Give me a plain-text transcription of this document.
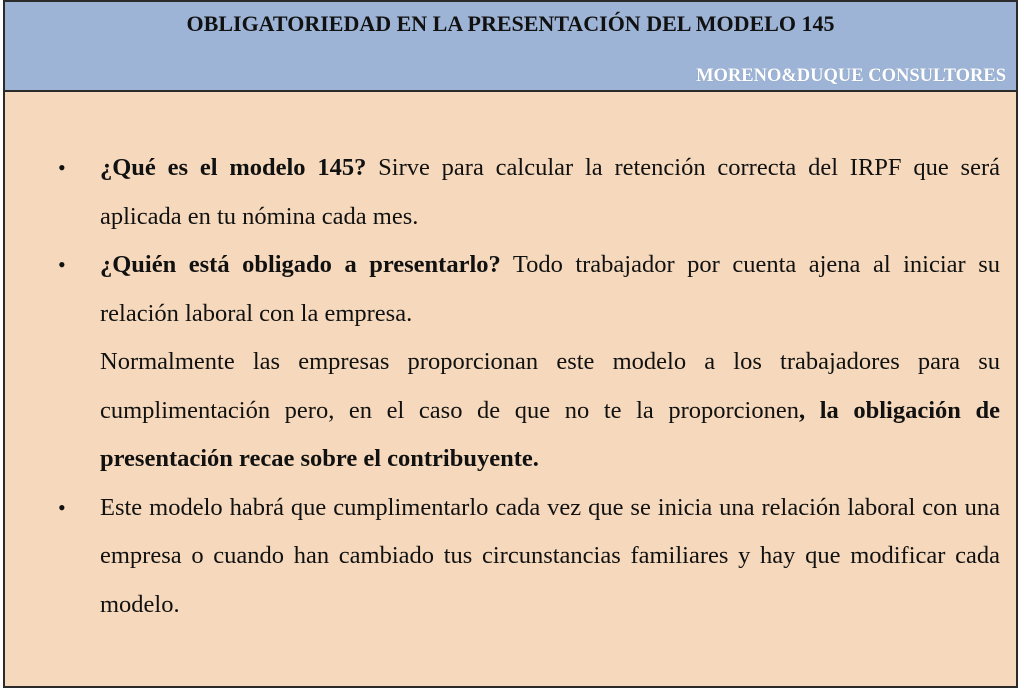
OBLIGATORIEDAD EN LA PRESENTACIÓN DEL MODELO 145
MORENO&DUQUE CONSULTORES
• ¿Qué es el modelo 145? Sirve para calcular la retención correcta del IRPF que será aplicada en tu nómina cada mes.

• ¿Quién está obligado a presentarlo? Todo trabajador por cuenta ajena al iniciar su relación laboral con la empresa.

Normalmente las empresas proporcionan este modelo a los trabajadores para su cumplimentación pero, en el caso de que no te la proporcionen, la obligación de presentación recae sobre el contribuyente.

• Este modelo habrá que cumplimentarlo cada vez que se inicia una relación laboral con una empresa o cuando han cambiado tus circunstancias familiares y hay que modificar cada modelo.
